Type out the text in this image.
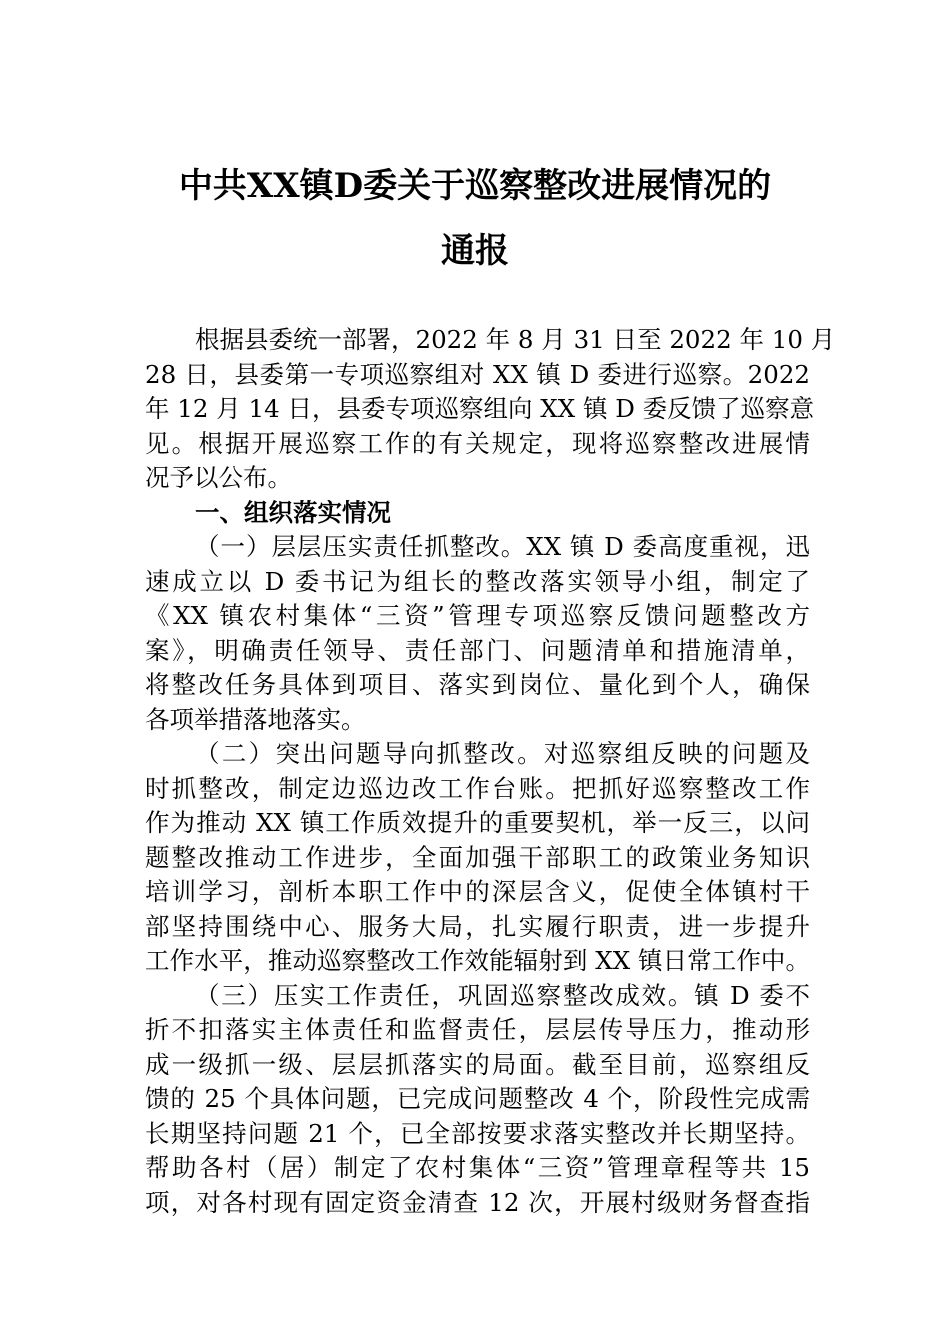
中共XX镇D委关于巡察整改进展情况的
通报
根据县委统一部署，2022 年 8 月 31 日至 2022 年 10 月
28 日，县委第一专项巡察组对 XX 镇 D 委进行巡察。2022
年 12 月 14 日，县委专项巡察组向 XX 镇 D 委反馈了巡察意
见。根据开展巡察工作的有关规定，现将巡察整改进展情
况予以公布。
一、组织落实情况
（一）层层压实责任抓整改。XX 镇 D 委高度重视，迅
速成立以 D 委书记为组长的整改落实领导小组，制定了
《XX 镇农村集体“三资”管理专项巡察反馈问题整改方
案》，明确责任领导、责任部门、问题清单和措施清单，
将整改任务具体到项目、落实到岗位、量化到个人，确保
各项举措落地落实。
（二）突出问题导向抓整改。对巡察组反映的问题及
时抓整改，制定边巡边改工作台账。把抓好巡察整改工作
作为推动 XX 镇工作质效提升的重要契机，举一反三，以问
题整改推动工作进步，全面加强干部职工的政策业务知识
培训学习，剖析本职工作中的深层含义，促使全体镇村干
部坚持围绕中心、服务大局，扎实履行职责，进一步提升
工作水平，推动巡察整改工作效能辐射到 XX 镇日常工作中。
（三）压实工作责任，巩固巡察整改成效。镇 D 委不
折不扣落实主体责任和监督责任，层层传导压力，推动形
成一级抓一级、层层抓落实的局面。截至目前，巡察组反
馈的 25 个具体问题，已完成问题整改 4 个，阶段性完成需
长期坚持问题 21 个，已全部按要求落实整改并长期坚持。
帮助各村（居）制定了农村集体“三资”管理章程等共 15
项，对各村现有固定资金清查 12 次，开展村级财务督查指
